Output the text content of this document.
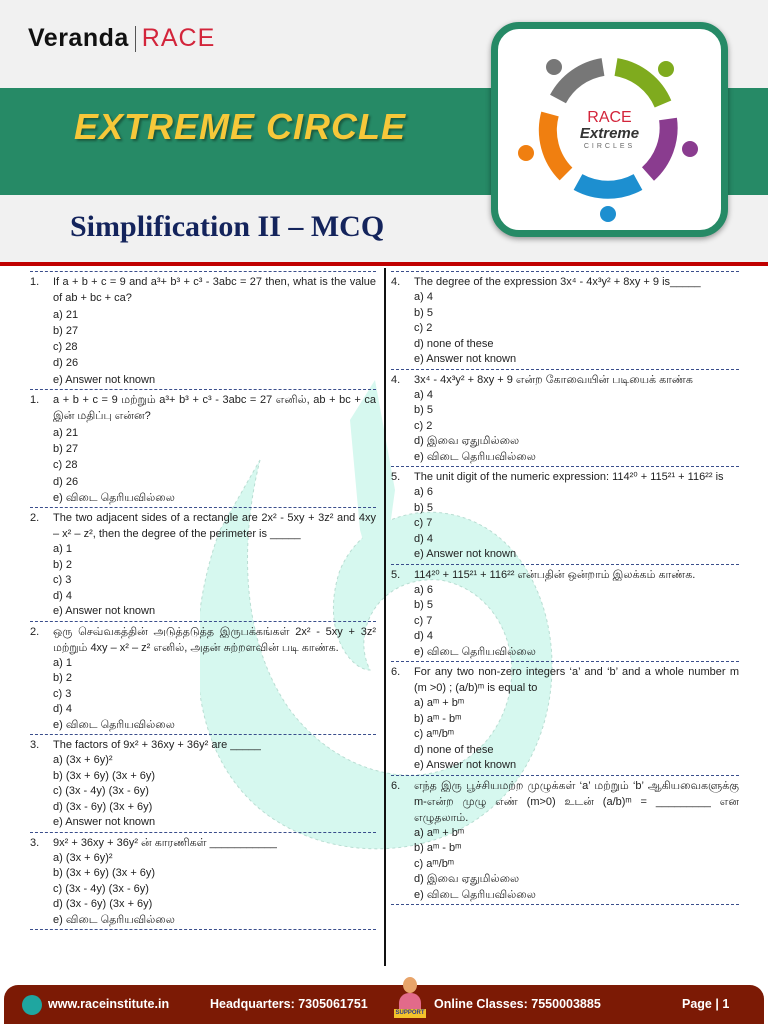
Veranda RACE
EXTREME CIRCLE
Simplification II – MCQ
RACE
Extreme
CIRCLES
1.	If a + b + c = 9 and a³+ b³ + c³ - 3abc = 27 then, what is the value of ab + bc + ca?
a) 21
b) 27
c) 28
d) 26
e) Answer not known
1.	a + b + c = 9 மற்றும் a³+ b³ + c³ - 3abc = 27 எனில், ab + bc + ca இன் மதிப்பு என்ன?
a) 21
b) 27
c) 28
d) 26
e) விடை தெரியவில்லை
2.	The two adjacent sides of a rectangle are 2x² - 5xy + 3z² and 4xy – x² – z², then the degree of the perimeter is _____
a) 1
b) 2
c) 3
d) 4
e) Answer not known
2.	ஒரு செவ்வகத்தின் அடுத்தடுத்த இருபக்கங்கள் 2x² - 5xy + 3z² மற்றும் 4xy – x² – z² எனில், அதன் சுற்றளவின் படி காண்க.
a) 1
b) 2
c) 3
d) 4
e) விடை தெரியவில்லை
3.	The factors of 9x² + 36xy + 36y² are _____
a) (3x + 6y)²
b) (3x + 6y) (3x + 6y)
c) (3x - 4y) (3x - 6y)
d) (3x - 6y) (3x + 6y)
e) Answer not known
3.	9x² + 36xy + 36y² ன் காரணிகள் ___________
a) (3x + 6y)²
b) (3x + 6y) (3x + 6y)
c) (3x - 4y) (3x - 6y)
d) (3x - 6y) (3x + 6y)
e) விடை தெரியவில்லை
4.	The degree of the expression 3x⁴ - 4x³y² + 8xy + 9 is_____
a) 4
b) 5
c) 2
d) none of these
e) Answer not known
4.	3x⁴ - 4x³y² + 8xy + 9 என்ற கோவையின் படியைக் காண்க
a) 4
b) 5
c) 2
d) இவை ஏதுமில்லை
e) விடை தெரியவில்லை
5.	The unit digit of the numeric expression: 114²⁰ + 115²¹ + 116²² is
a) 6
b) 5
c) 7
d) 4
e) Answer not known
5.	114²⁰ + 115²¹ + 116²² என்பதின் ஒன்றாம் இலக்கம் காண்க.
a) 6
b) 5
c) 7
d) 4
e) விடை தெரியவில்லை
6.	For any two non-zero integers ‘a’ and ‘b’ and a whole number m (m >0) ; (a/b)ᵐ is equal to
a) aᵐ + bᵐ
b) aᵐ - bᵐ
c) aᵐ/bᵐ
d) none of these
e) Answer not known
6.	எந்த இரு பூச்சியமற்ற முழுக்கள் ‘a’ மற்றும் ‘b’ ஆகியவைகளுக்கு m-என்ற முழு எண் (m>0) உடன் (a/b)ᵐ = _________ என எழுதலாம்.
a) aᵐ + bᵐ
b) aᵐ - bᵐ
c) aᵐ/bᵐ
d) இவை ஏதுமில்லை
e) விடை தெரியவில்லை
www.raceinstitute.in	Headquarters: 7305061751
SUPPORT
Online Classes: 7550003885	Page | 1
